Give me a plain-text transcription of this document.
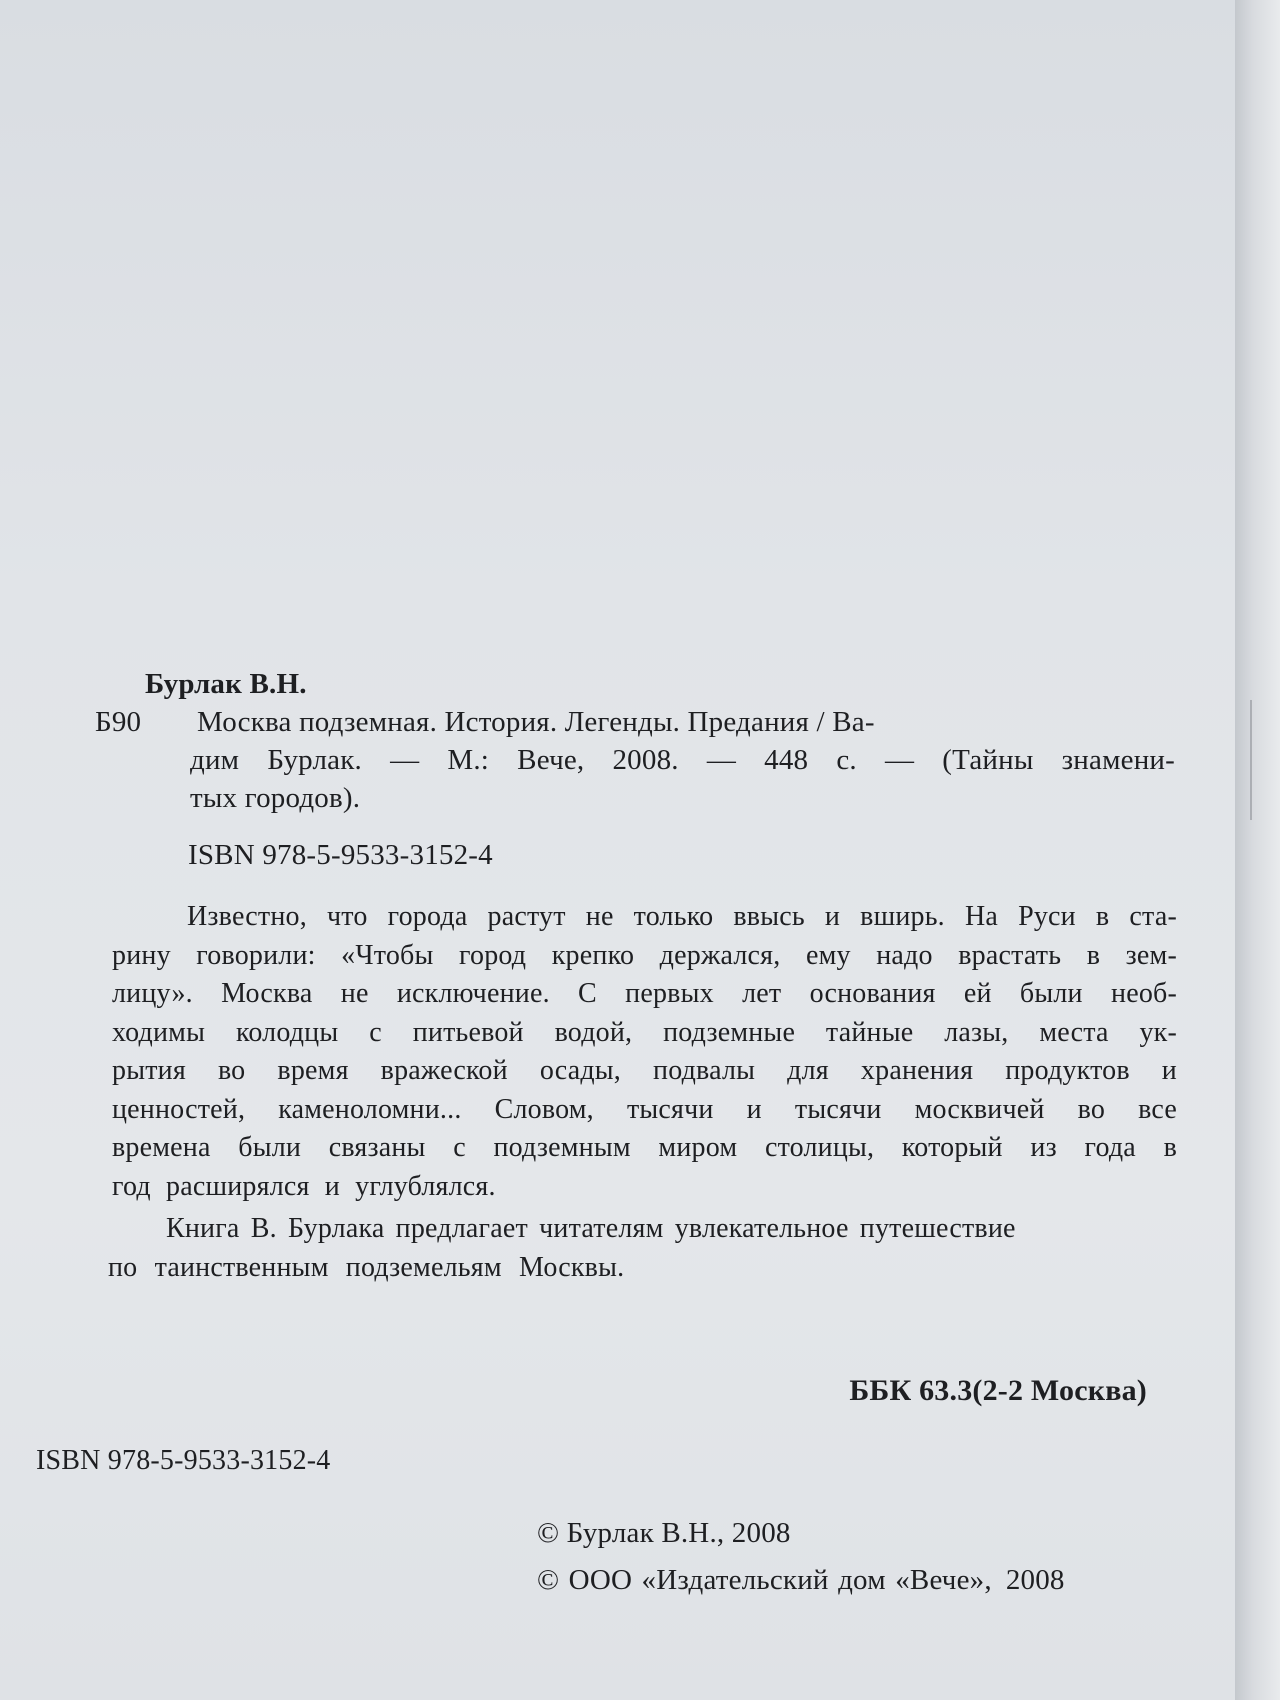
Бурлак В.Н.
Б90	Москва подземная. История. Легенды. Предания / Ва-
дим Бурлак. — М.: Вече, 2008. — 448 с. — (Тайны знамени-
тых городов).
ISBN 978-5-9533-3152-4
Известно, что города растут не только ввысь и вширь. На Руси в ста-
рину говорили: «Чтобы город крепко держался, ему надо врастать в зем-
лицу». Москва не исключение. С первых лет основания ей были необ-
ходимы колодцы с питьевой водой, подземные тайные лазы, места ук-
рытия во время вражеской осады, подвалы для хранения продуктов и
ценностей, каменоломни... Словом, тысячи и тысячи москвичей во все
времена были связаны с подземным миром столицы, который из года в
год расширялся и углублялся.
Книга В. Бурлака предлагает читателям увлекательное путешествие
по таинственным подземельям Москвы.
ББК 63.3(2-2 Москва)
ISBN 978-5-9533-3152-4
© Бурлак В.Н., 2008
© ООО «Издательский дом «Вече», 2008
